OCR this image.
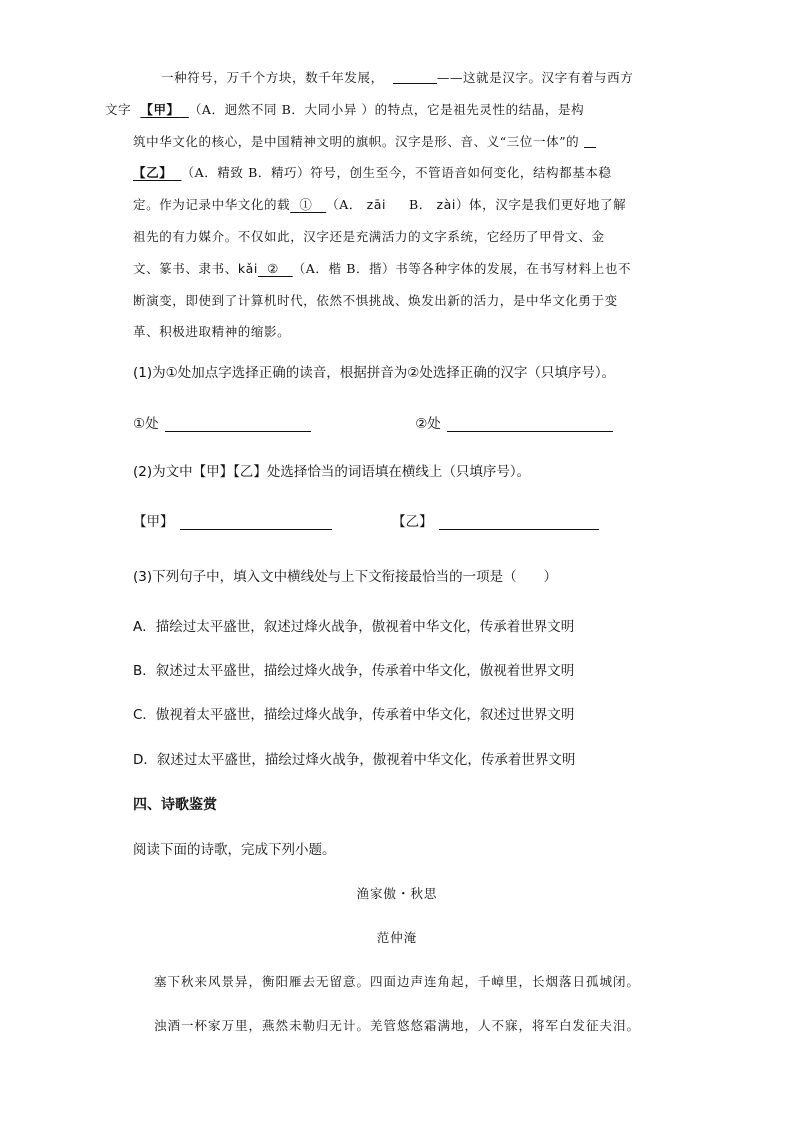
一种符号，万千个方块，数千年发展，	——这就是汉字。汉字有着与西方
文字 【甲】 （A．迥然不同 B．大同小异 ）的特点，它是祖先灵性的结晶，是构
筑中华文化的核心，是中国精神文明的旗帜。汉字是形、音、义“三位一体”的
【乙】 （A．精致 B．精巧）符号，创生至今，不管语音如何变化，结构都基本稳
定。作为记录中华文化的载 ① （A． zāi B． zài）体，汉字是我们更好地了解
祖先的有力媒介。不仅如此，汉字还是充满活力的文字系统，它经历了甲骨文、金
文、篆书、隶书、kǎi ② （A．楷 B．揩）书等各种字体的发展，在书写材料上也不
断演变，即使到了计算机时代，依然不惧挑战、焕发出新的活力，是中华文化勇于变
革、积极进取精神的缩影。

(1)为①处加点字选择正确的读音，根据拼音为②处选择正确的汉字（只填序号）。
①处	②处
(2)为文中【甲】【乙】处选择恰当的词语填在横线上（只填序号）。
【甲】	【乙】
(3)下列句子中，填入文中横线处与上下文衔接最恰当的一项是（　　）
A．描绘过太平盛世，叙述过烽火战争，傲视着中华文化，传承着世界文明
B．叙述过太平盛世，描绘过烽火战争，传承着中华文化，傲视着世界文明
C．傲视着太平盛世，描绘过烽火战争，传承着中华文化，叙述过世界文明
D．叙述过太平盛世，描绘过烽火战争，傲视着中华文化，传承着世界文明
四、诗歌鉴赏
阅读下面的诗歌，完成下列小题。
渔家傲・秋思
范仲淹
塞下秋来风景异，衡阳雁去无留意。四面边声连角起，千嶂里，长烟落日孤城闭。
浊酒一杯家万里，燕然未勒归无计。羌管悠悠霜满地，人不寐，将军白发征夫泪。
